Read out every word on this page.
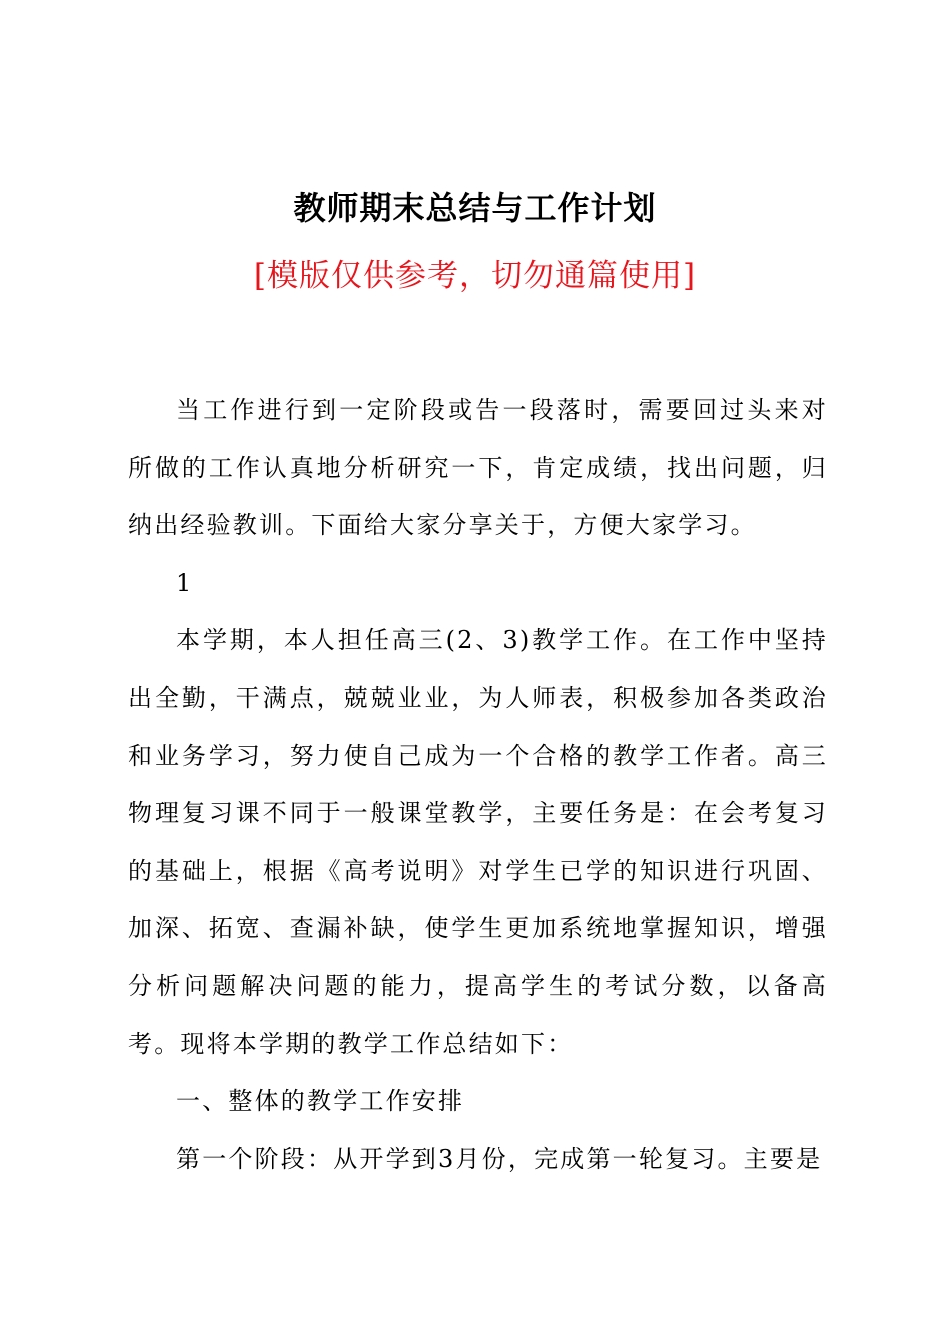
教师期末总结与工作计划
[模版仅供参考，切勿通篇使用]

当工作进行到一定阶段或告一段落时，需要回过头来对所做的工作认真地分析研究一下，肯定成绩，找出问题，归纳出经验教训。下面给大家分享关于，方便大家学习。

1

本学期，本人担任高三(2、3)教学工作。在工作中坚持出全勤，干满点，兢兢业业，为人师表，积极参加各类政治和业务学习，努力使自己成为一个合格的教学工作者。高三物理复习课不同于一般课堂教学，主要任务是：在会考复习的基础上，根据《高考说明》对学生已学的知识进行巩固、加深、拓宽、查漏补缺，使学生更加系统地掌握知识，增强分析问题解决问题的能力，提高学生的考试分数，以备高考。现将本学期的教学工作总结如下：

一、整体的教学工作安排

第一个阶段：从开学到3月份，完成第一轮复习。主要是
